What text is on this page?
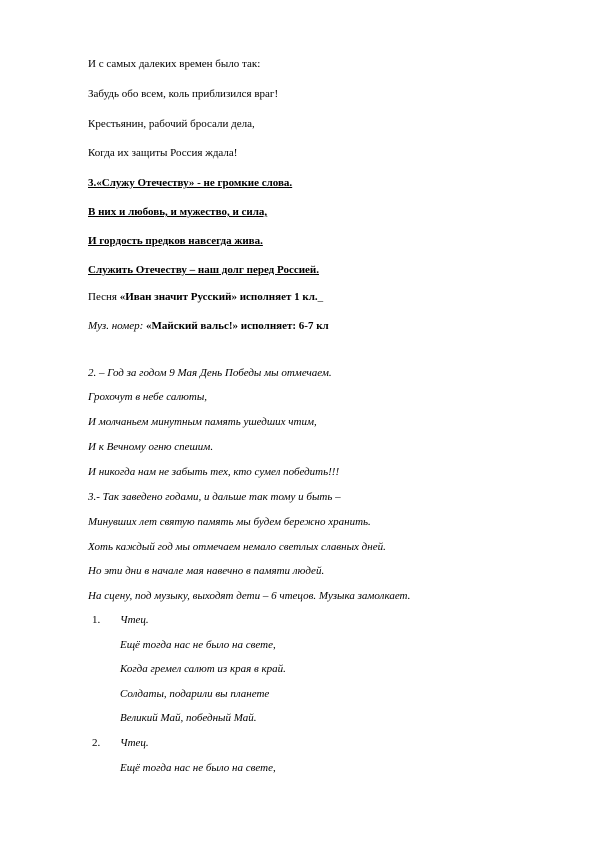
И с самых далеких времен было так:
Забудь обо всем, коль приблизился враг!
Крестьянин, рабочий бросали дела,
Когда их защиты Россия ждала!
3.«Служу Отечеству» - не громкие слова.
В них и любовь, и мужество, и сила,
И гордость предков навсегда жива.
Служить Отечеству – наш долг перед Россией.
Песня «Иван значит Русский» исполняет 1 кл._
Муз. номер: «Майский вальс!» исполняет: 6-7 кл
2. – Год за годом 9 Мая День Победы мы отмечаем.
Грохочут в небе салюты,
И молчаньем минутным память ушедших чтим,
И к Вечному огню спешим.
И никогда нам не забыть тех, кто сумел победить!!!
3.- Так заведено годами, и дальше так тому и быть –
Минувших лет святую память мы будем бережно хранить.
Хоть каждый год мы отмечаем немало светлых славных дней.
Но эти дни в начале мая навечно в памяти людей.
На сцену, под музыку, выходят дети – 6 чтецов. Музыка замолкает.
1. Чтец.
Ещё тогда нас не было на свете,
Когда гремел салют из края в край.
Солдаты, подарили вы планете
Великий Май, победный Май.
2. Чтец.
Ещё тогда нас не было на свете,
